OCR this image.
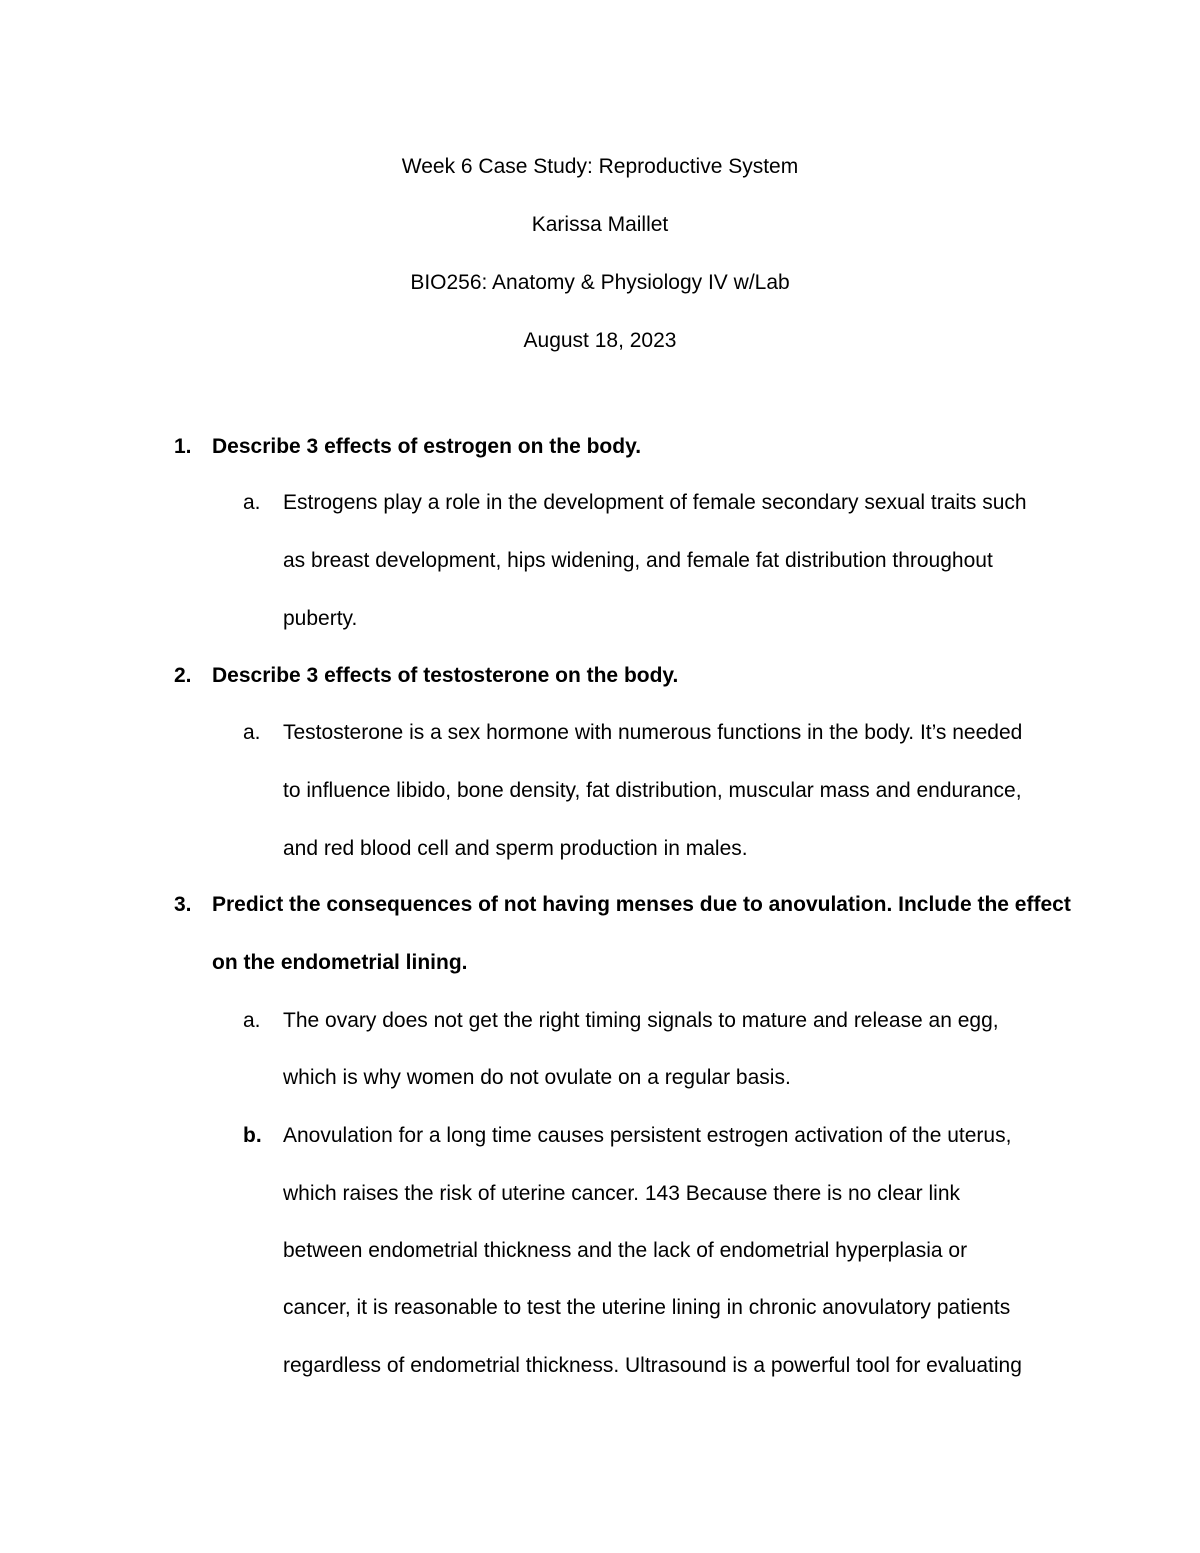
Week 6 Case Study: Reproductive System
Karissa Maillet
BIO256: Anatomy & Physiology IV w/Lab
August 18, 2023
1. Describe 3 effects of estrogen on the body.
a. Estrogens play a role in the development of female secondary sexual traits such
as breast development, hips widening, and female fat distribution throughout
puberty.
2. Describe 3 effects of testosterone on the body.
a. Testosterone is a sex hormone with numerous functions in the body. It’s needed
to influence libido, bone density, fat distribution, muscular mass and endurance,
and red blood cell and sperm production in males.
3. Predict the consequences of not having menses due to anovulation. Include the effect
on the endometrial lining.
a. The ovary does not get the right timing signals to mature and release an egg,
which is why women do not ovulate on a regular basis.
b. Anovulation for a long time causes persistent estrogen activation of the uterus,
which raises the risk of uterine cancer. 143 Because there is no clear link
between endometrial thickness and the lack of endometrial hyperplasia or
cancer, it is reasonable to test the uterine lining in chronic anovulatory patients
regardless of endometrial thickness. Ultrasound is a powerful tool for evaluating
